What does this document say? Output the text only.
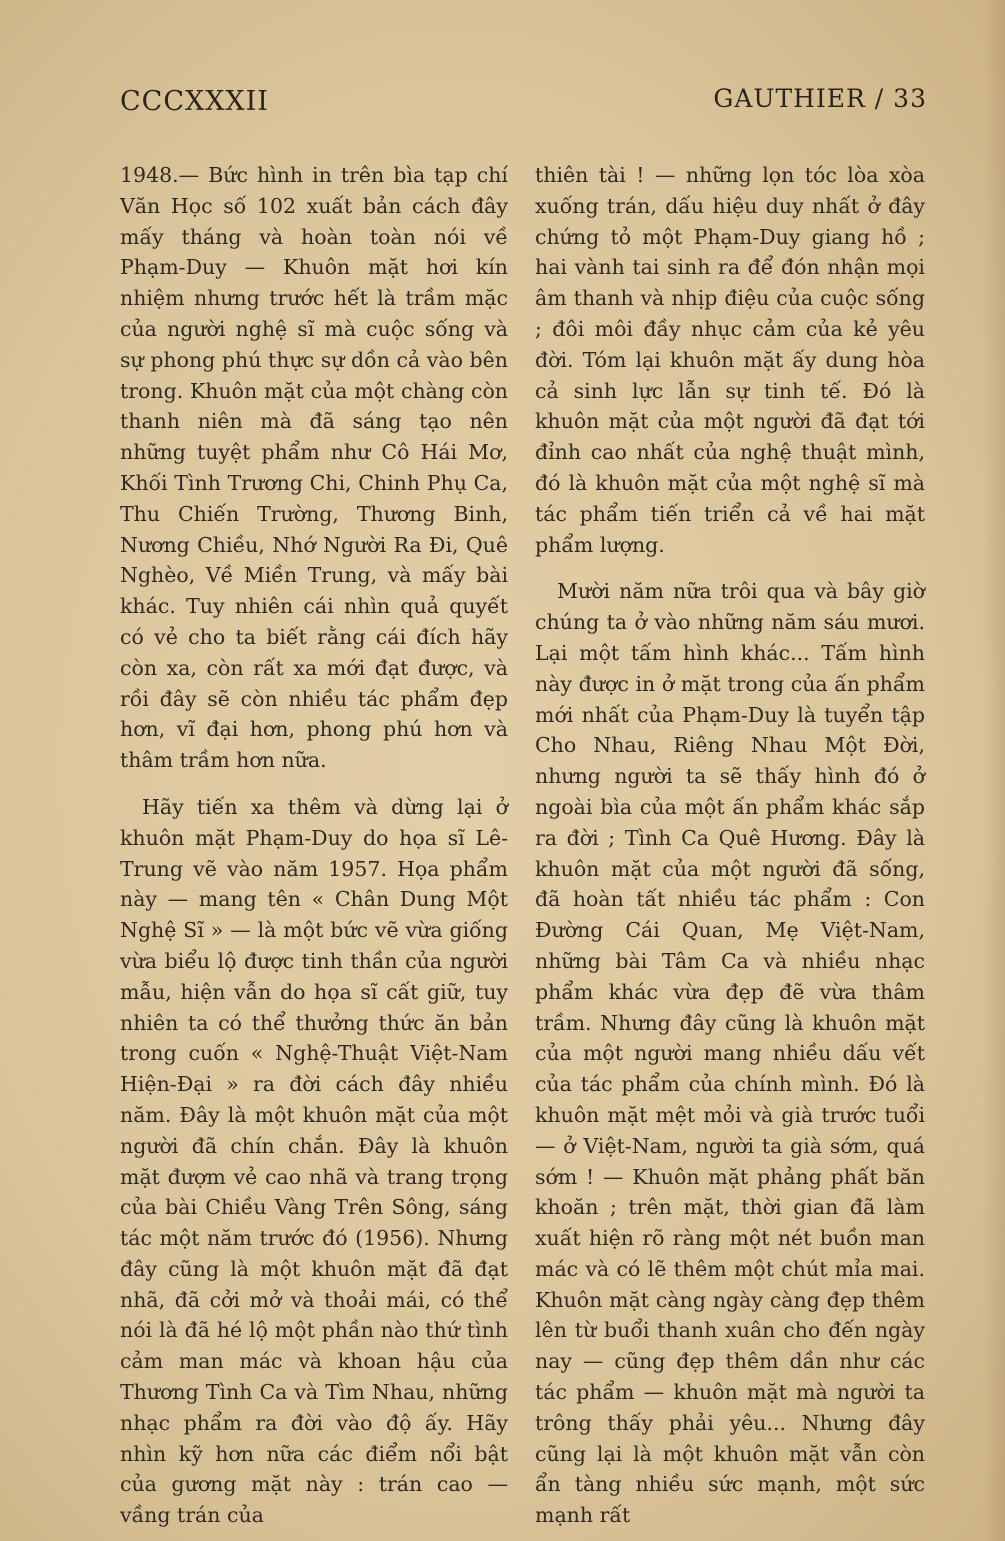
CCCXXXII	GAUTHIER / 33

1948.— Bức hình in trên bìa tạp chí Văn Học số 102 xuất bản cách đây mấy tháng và hoàn toàn nói về Phạm-Duy — Khuôn mặt hơi kín nhiệm nhưng trước hết là trầm mặc của người nghệ sĩ mà cuộc sống và sự phong phú thực sự dồn cả vào bên trong. Khuôn mặt của một chàng còn thanh niên mà đã sáng tạo nên những tuyệt phẩm như Cô Hái Mơ, Khối Tình Trương Chi, Chinh Phụ Ca, Thu Chiến Trường, Thương Binh, Nương Chiều, Nhớ Người Ra Đi, Quê Nghèo, Về Miền Trung, và mấy bài khác. Tuy nhiên cái nhìn quả quyết có vẻ cho ta biết rằng cái đích hãy còn xa, còn rất xa mới đạt được, và rồi đây sẽ còn nhiều tác phẩm đẹp hơn, vĩ đại hơn, phong phú hơn và thâm trầm hơn nữa.

Hãy tiến xa thêm và dừng lại ở khuôn mặt Phạm-Duy do họa sĩ Lê-Trung vẽ vào năm 1957. Họa phẩm này — mang tên « Chân Dung Một Nghệ Sĩ » — là một bức vẽ vừa giống vừa biểu lộ được tinh thần của người mẫu, hiện vẫn do họa sĩ cất giữ, tuy nhiên ta có thể thưởng thức ăn bản trong cuốn « Nghệ-Thuật Việt-Nam Hiện-Đại » ra đời cách đây nhiều năm. Đây là một khuôn mặt của một người đã chín chắn. Đây là khuôn mặt đượm vẻ cao nhã và trang trọng của bài Chiều Vàng Trên Sông, sáng tác một năm trước đó (1956). Nhưng đây cũng là một khuôn mặt đã đạt nhã, đã cởi mở và thoải mái, có thể nói là đã hé lộ một phần nào thứ tình cảm man mác và khoan hậu của Thương Tình Ca và Tìm Nhau, những nhạc phẩm ra đời vào độ ấy. Hãy nhìn kỹ hơn nữa các điểm nổi bật của gương mặt này : trán cao — vầng trán của

thiên tài ! — những lọn tóc lòa xòa xuống trán, dấu hiệu duy nhất ở đây chứng tỏ một Phạm-Duy giang hồ ; hai vành tai sinh ra để đón nhận mọi âm thanh và nhịp điệu của cuộc sống ; đôi môi đầy nhục cảm của kẻ yêu đời. Tóm lại khuôn mặt ấy dung hòa cả sinh lực lẫn sự tinh tế. Đó là khuôn mặt của một người đã đạt tới đỉnh cao nhất của nghệ thuật mình, đó là khuôn mặt của một nghệ sĩ mà tác phẩm tiến triển cả về hai mặt phẩm lượng.

Mười năm nữa trôi qua và bây giờ chúng ta ở vào những năm sáu mươi. Lại một tấm hình khác... Tấm hình này được in ở mặt trong của ấn phẩm mới nhất của Phạm-Duy là tuyển tập Cho Nhau, Riêng Nhau Một Đời, nhưng người ta sẽ thấy hình đó ở ngoài bìa của một ấn phẩm khác sắp ra đời ; Tình Ca Quê Hương. Đây là khuôn mặt của một người đã sống, đã hoàn tất nhiều tác phẩm : Con Đường Cái Quan, Mẹ Việt-Nam, những bài Tâm Ca và nhiều nhạc phẩm khác vừa đẹp đẽ vừa thâm trầm. Nhưng đây cũng là khuôn mặt của một người mang nhiều dấu vết của tác phẩm của chính mình. Đó là khuôn mặt mệt mỏi và già trước tuổi — ở Việt-Nam, người ta già sớm, quá sớm ! — Khuôn mặt phảng phất băn khoăn ; trên mặt, thời gian đã làm xuất hiện rõ ràng một nét buồn man mác và có lẽ thêm một chút mỉa mai. Khuôn mặt càng ngày càng đẹp thêm lên từ buổi thanh xuân cho đến ngày nay — cũng đẹp thêm dần như các tác phẩm — khuôn mặt mà người ta trông thấy phải yêu... Nhưng đây cũng lại là một khuôn mặt vẫn còn ẩn tàng nhiều sức mạnh, một sức mạnh rất
